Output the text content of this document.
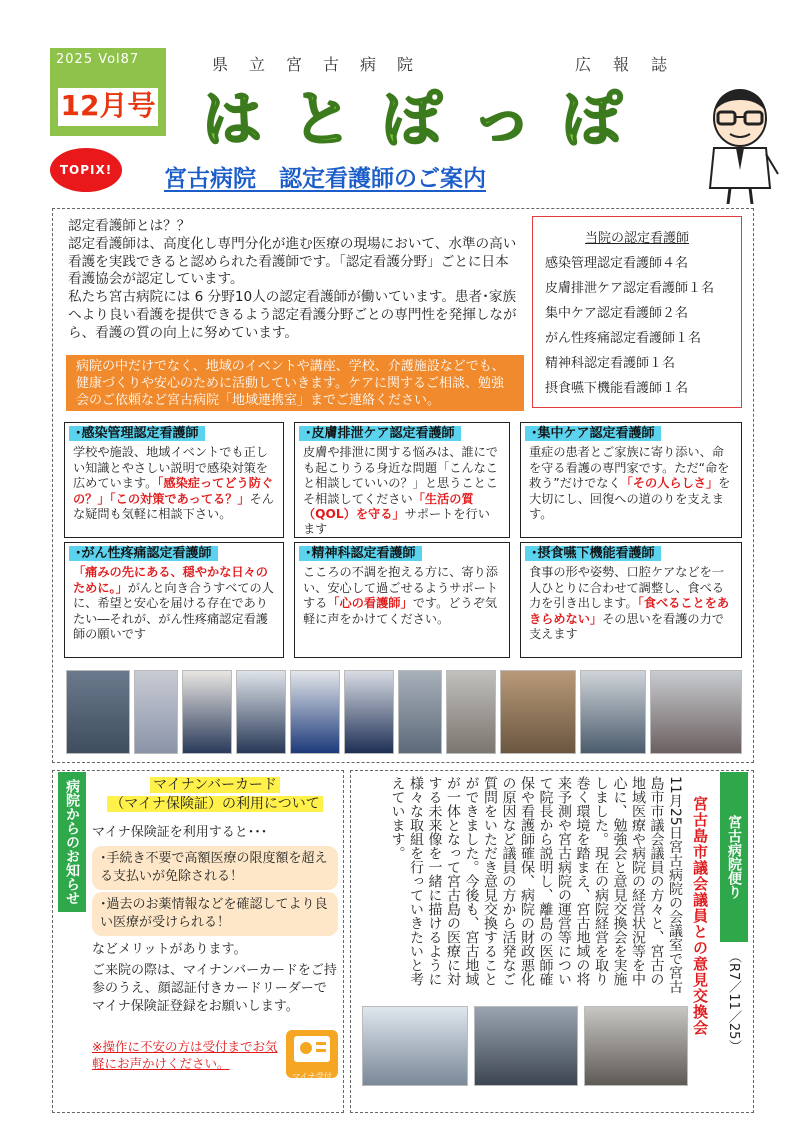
2025 Vol87
12月号
県立宮古病院	広報誌
はとぽっぽ
TOPIX!	宮古病院　認定看護師のご案内

認定看護師とは？？

認定看護師は、高度化し専門分化が進む医療の現場において、水準の高い看護を実践できると認められた看護師です。「認定看護分野」ごとに日本看護協会が認定しています。

私たち宮古病院には 6 分野10人の認定看護師が働いています。患者･家族へより良い看護を提供できるよう認定看護分野ごとの専門性を発揮しながら、看護の質の向上に努めています。

当院の認定看護師
感染管理認定看護師４名
皮膚排泄ケア認定看護師１名
集中ケア認定看護師２名
がん性疼痛認定看護師１名
精神科認定看護師１名
摂食嚥下機能看護師１名
病院の中だけでなく、地域のイベントや講座、学校、介護施設などでも、健康づくりや安心のために活動していきます。ケアに関するご相談、勉強会のご依頼など宮古病院「地域連携室」までご連絡ください。
･感染管理認定看護師
学校や施設、地域イベントでも正しい知識とやさしい説明で感染対策を広めています。「感染症ってどう防ぐの？」「この対策であってる？」そんな疑問も気軽に相談下さい。
･皮膚排泄ケア認定看護師
皮膚や排泄に関する悩みは、誰にでも起こりうる身近な問題「こんなこと相談していいの？」と思うことこそ相談してください「生活の質（QOL）を守る」サポートを行います
･集中ケア認定看護師
重症の患者とご家族に寄り添い、命を守る看護の専門家です。ただ“命を救う”だけでなく「その人らしさ」を大切にし、回復への道のりを支えます。
･がん性疼痛認定看護師
「痛みの先にある、穏やかな日々のために。」がんと向き合うすべての人に、希望と安心を届ける存在でありたい―それが、がん性疼痛認定看護師の願いです
･精神科認定看護師
こころの不調を抱える方に、寄り添い、安心して過ごせるようサポートする「心の看護師」です。どうぞ気軽に声をかけてください。
･摂食嚥下機能看護師
食事の形や姿勢、口腔ケアなどを一人ひとりに合わせて調整し、食べる力を引き出します。「食べることをあきらめない」その思いを看護の力で支えます
病院からのお知らせ	マイナンバーカード
（マイナ保険証）の利用について
マイナ保険証を利用すると･･･
･手続き不要で高額医療の限度額を超える支払いが免除される！
･過去のお薬情報などを確認してより良い医療が受けられる！
などメリットがあります。
ご来院の際は、マイナンバーカードをご持参のうえ、顔認証付きカードリーダーでマイナ保険証登録をお願いします。
※操作に不安の方は受付までお気軽にお声かけください。
マイナ受付
宮古病院便り
宮古島市議会議員との意見交換会 （R7／11／25）
11月25日宮古病院の会議室で宮古島市市議会議員の方々と、宮古の地域医療や病院の経営状況等を中心に、勉強会と意見交換会を実施しました。現在の病院経営を取り巻く環境を踏まえ、宮古地域の将来予測や宮古病院の運営等について院長から説明し、離島の医師確保や看護師確保、病院の財政悪化の原因など議員の方から活発なご質問をいただき意見交換することができました。今後も、宮古地域が一体となって宮古島の医療に対する未来像を一緒に描けるように様々な取組を行っていきたいと考えています。
